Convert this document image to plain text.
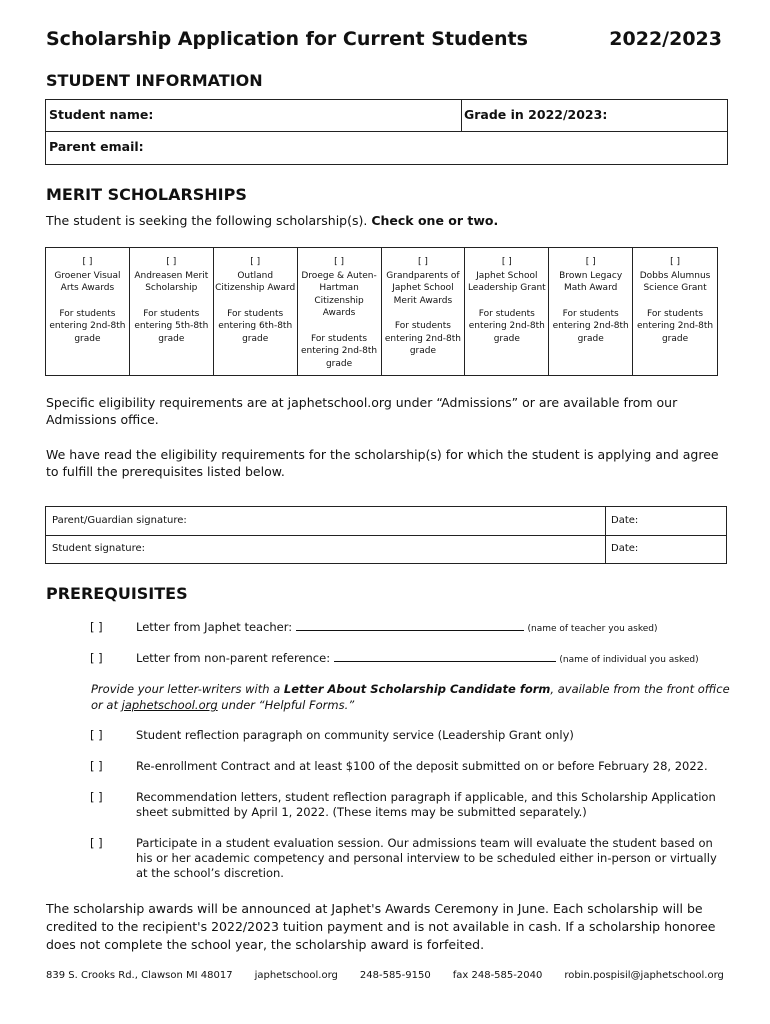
Scholarship Application for Current Students	2022/2023
STUDENT INFORMATION
Student name:	Grade in 2022/2023:
Parent email:
MERIT SCHOLARSHIPS
The student is seeking the following scholarship(s). Check one or two.
[ ]
Groener Visual Arts Awards
For students entering 2nd-8th grade
[ ]
Andreasen Merit Scholarship
For students entering 5th-8th grade
[ ]
Outland Citizenship Award
For students entering 6th-8th grade
[ ]
Droege & Auten-Hartman Citizenship Awards
For students entering 2nd-8th grade
[ ]
Grandparents of Japhet School Merit Awards
For students entering 2nd-8th grade
[ ]
Japhet School Leadership Grant
For students entering 2nd-8th grade
[ ]
Brown Legacy Math Award
For students entering 2nd-8th grade
[ ]
Dobbs Alumnus Science Grant
For students entering 2nd-8th grade
Specific eligibility requirements are at japhetschool.org under “Admissions” or are available from our Admissions office.
We have read the eligibility requirements for the scholarship(s) for which the student is applying and agree to fulfill the prerequisites listed below.
Parent/Guardian signature:	Date:
Student signature:	Date:
PREREQUISITES
[ ]	Letter from Japhet teacher:	(name of teacher you asked)
[ ]	Letter from non-parent reference:	(name of individual you asked)
Provide your letter-writers with a Letter About Scholarship Candidate form, available from the front office or at japhetschool.org under “Helpful Forms.”
[ ]	Student reflection paragraph on community service (Leadership Grant only)
[ ]	Re-enrollment Contract and at least $100 of the deposit submitted on or before February 28, 2022.
[ ]	Recommendation letters, student reflection paragraph if applicable, and this Scholarship Application sheet submitted by April 1, 2022. (These items may be submitted separately.)
[ ]	Participate in a student evaluation session. Our admissions team will evaluate the student based on his or her academic competency and personal interview to be scheduled either in-person or virtually at the school’s discretion.
The scholarship awards will be announced at Japhet's Awards Ceremony in June. Each scholarship will be credited to the recipient's 2022/2023 tuition payment and is not available in cash. If a scholarship honoree does not complete the school year, the scholarship award is forfeited.
839 S. Crooks Rd., Clawson MI 48017 japhetschool.org 248-585-9150 fax 248-585-2040 robin.pospisil@japhetschool.org
